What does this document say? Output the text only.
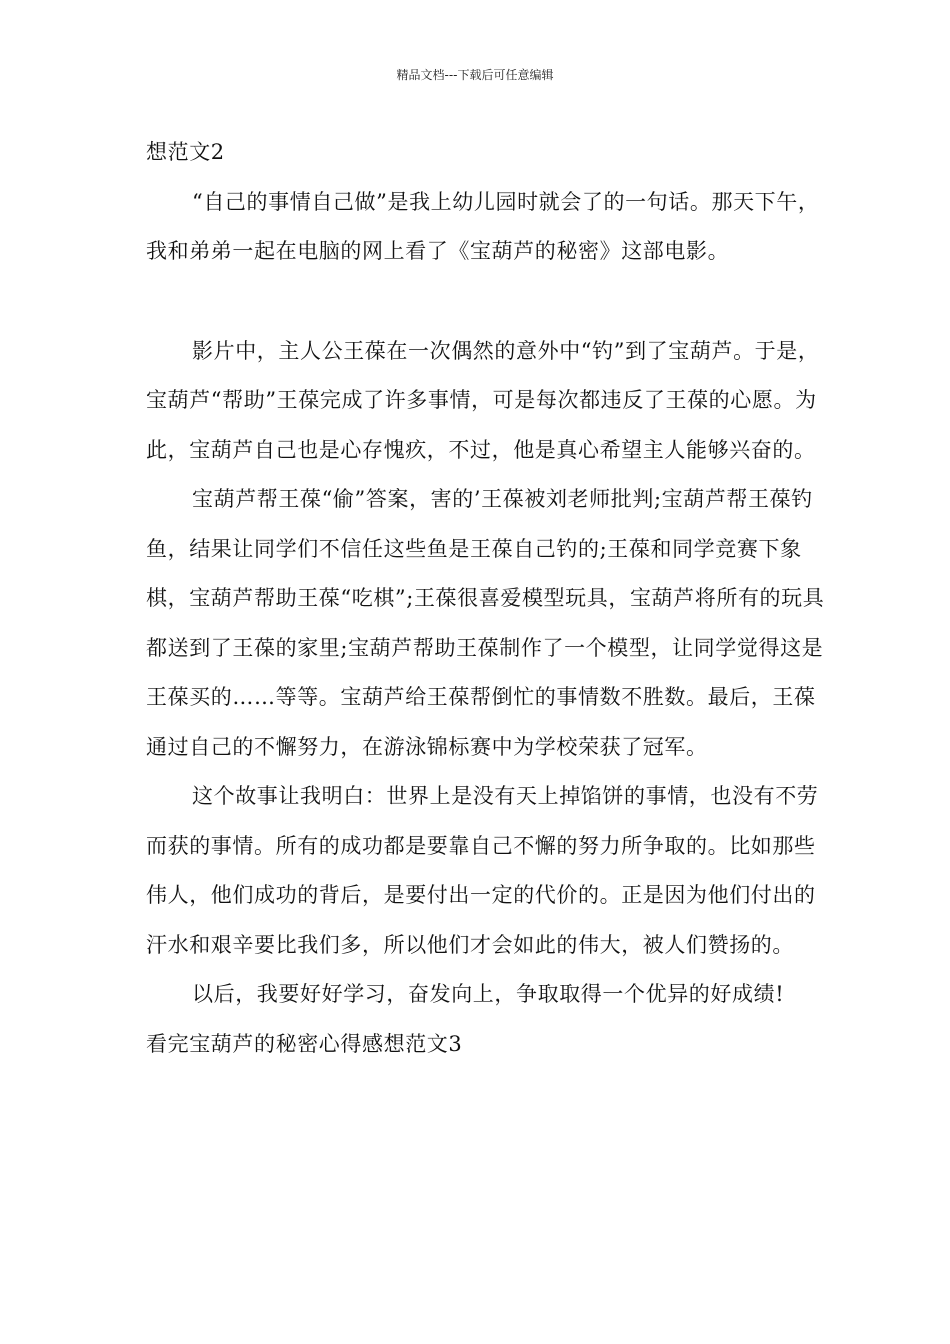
精品文档---下载后可任意编辑

想范文2

“自己的事情自己做”是我上幼儿园时就会了的一句话。那天下午，我和弟弟一起在电脑的网上看了《宝葫芦的秘密》这部电影。

影片中，主人公王葆在一次偶然的意外中“钓”到了宝葫芦。于是，宝葫芦“帮助”王葆完成了许多事情，可是每次都违反了王葆的心愿。为此，宝葫芦自己也是心存愧疚，不过，他是真心希望主人能够兴奋的。

宝葫芦帮王葆“偷”答案，害的’王葆被刘老师批判;宝葫芦帮王葆钓鱼，结果让同学们不信任这些鱼是王葆自己钓的;王葆和同学竞赛下象棋，宝葫芦帮助王葆“吃棋”;王葆很喜爱模型玩具，宝葫芦将所有的玩具都送到了王葆的家里;宝葫芦帮助王葆制作了一个模型，让同学觉得这是王葆买的……等等。宝葫芦给王葆帮倒忙的事情数不胜数。最后，王葆通过自己的不懈努力，在游泳锦标赛中为学校荣获了冠军。

这个故事让我明白：世界上是没有天上掉馅饼的事情，也没有不劳而获的事情。所有的成功都是要靠自己不懈的努力所争取的。比如那些伟人，他们成功的背后，是要付出一定的代价的。正是因为他们付出的汗水和艰辛要比我们多，所以他们才会如此的伟大，被人们赞扬的。

以后，我要好好学习，奋发向上，争取取得一个优异的好成绩!

看完宝葫芦的秘密心得感想范文3
